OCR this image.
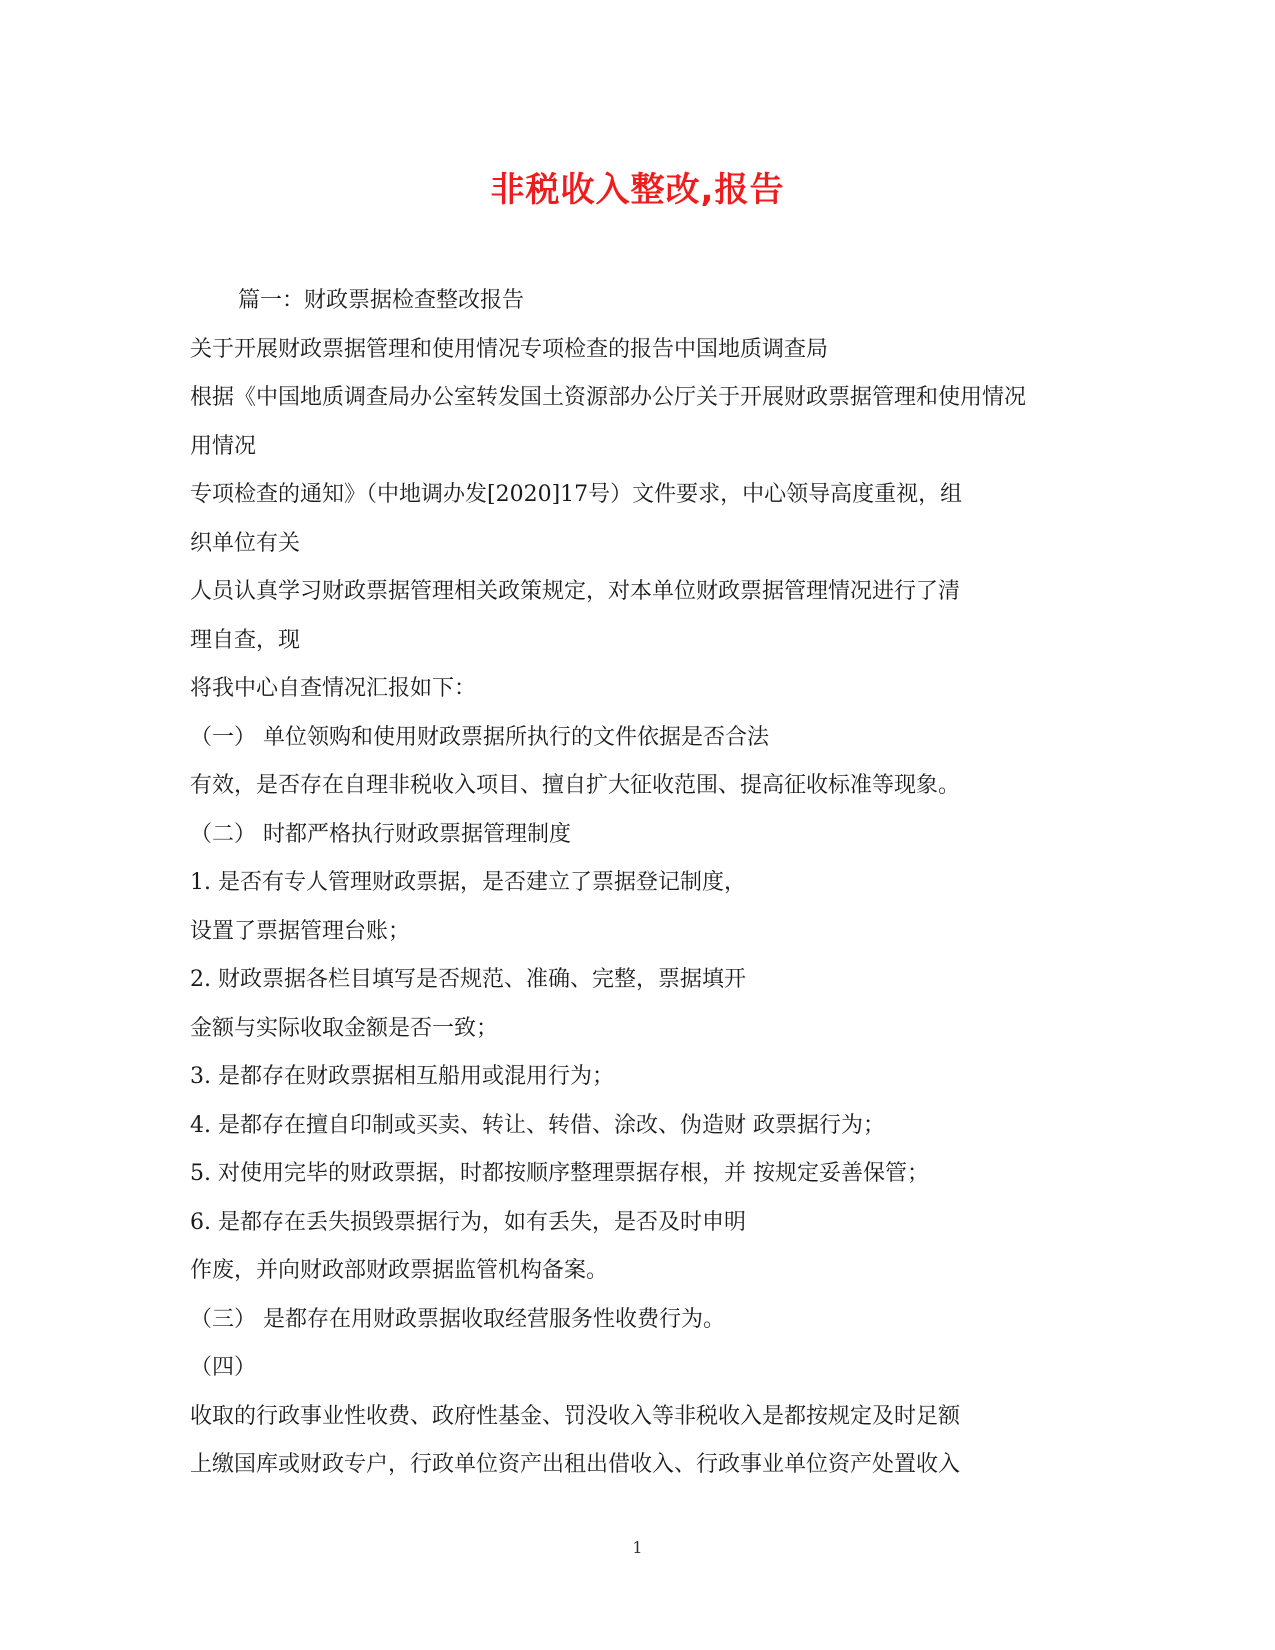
非税收入整改,报告
篇一：财政票据检查整改报告
关于开展财政票据管理和使用情况专项检查的报告中国地质调查局
根据《中国地质调查局办公室转发国土资源部办公厅关于开展财政票据管理和使用情况
用情况
专项检查的通知》（中地调办发[2020]17号）文件要求，中心领导高度重视，组
织单位有关
人员认真学习财政票据管理相关政策规定，对本单位财政票据管理情况进行了清
理自查，现
将我中心自查情况汇报如下：
（一） 单位领购和使用财政票据所执行的文件依据是否合法
有效，是否存在自理非税收入项目、擅自扩大征收范围、提高征收标准等现象。
（二） 时都严格执行财政票据管理制度
1. 是否有专人管理财政票据，是否建立了票据登记制度，
设置了票据管理台账；
2. 财政票据各栏目填写是否规范、准确、完整，票据填开
金额与实际收取金额是否一致；
3. 是都存在财政票据相互船用或混用行为；
4. 是都存在擅自印制或买卖、转让、转借、涂改、伪造财 政票据行为；
5. 对使用完毕的财政票据，时都按顺序整理票据存根，并 按规定妥善保管；
6. 是都存在丢失损毁票据行为，如有丢失，是否及时申明
作废，并向财政部财政票据监管机构备案。
（三） 是都存在用财政票据收取经营服务性收费行为。
（四）
收取的行政事业性收费、政府性基金、罚没收入等非税收入是都按规定及时足额
上缴国库或财政专户，行政单位资产出租出借收入、行政事业单位资产处置收入
1
